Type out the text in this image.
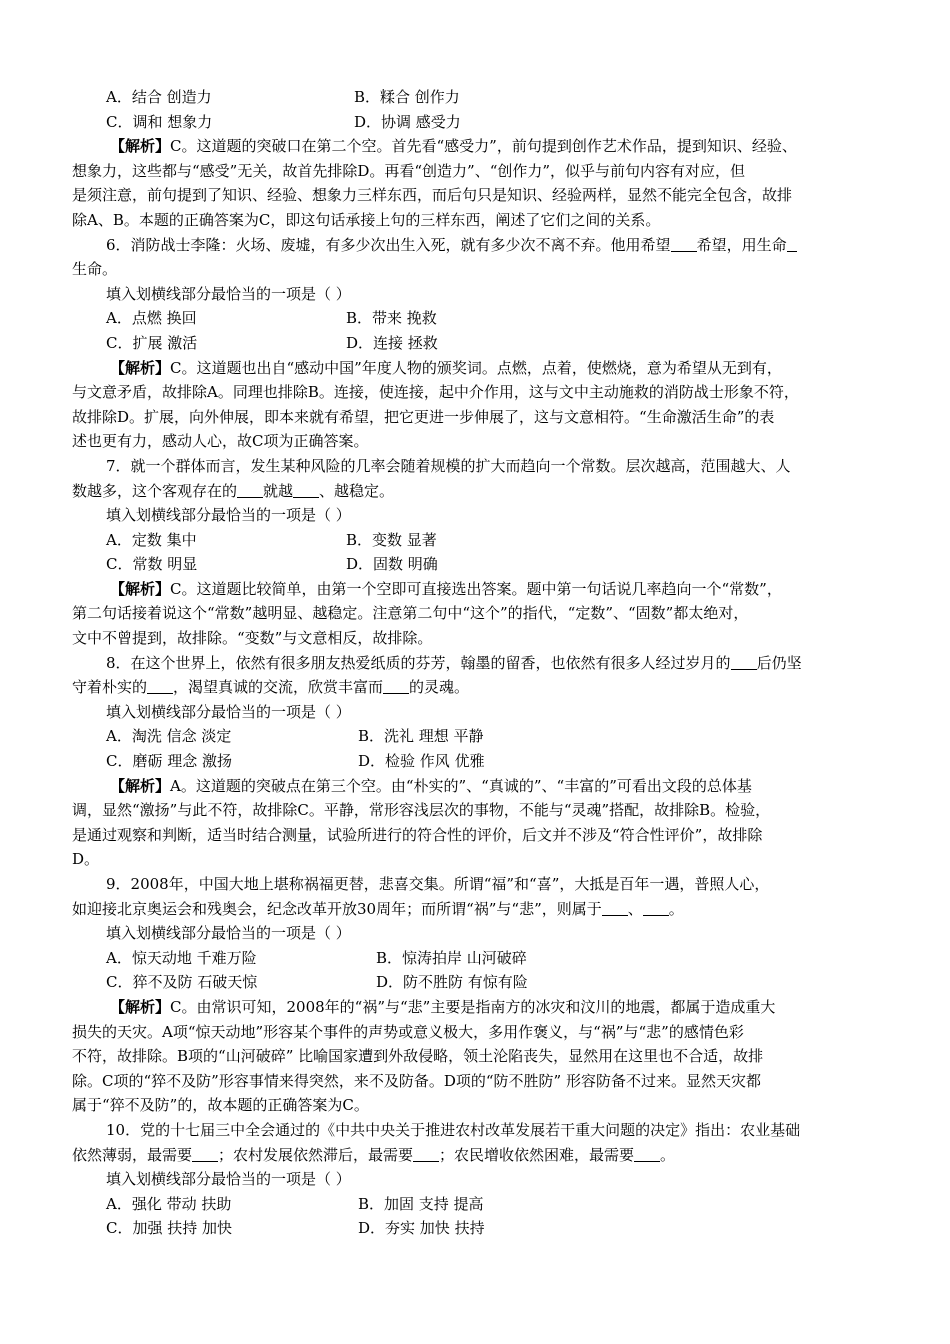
A．结合 创造力	B．糅合 创作力
C．调和 想象力	D．协调 感受力
【解析】C。这道题的突破口在第二个空。首先看“感受力”，前句提到创作艺术作品，提到知识、经验、
想象力，这些都与“感受”无关，故首先排除D。再看“创造力”、“创作力”，似乎与前句内容有对应，但
是须注意，前句提到了知识、经验、想象力三样东西，而后句只是知识、经验两样，显然不能完全包含，故排
除A、B。本题的正确答案为C，即这句话承接上句的三样东西，阐述了它们之间的关系。
6．消防战士李隆：火场、废墟，有多少次出生入死，就有多少次不离不弃。他用希望 希望，用生命
生命。
填入划横线部分最恰当的一项是（ ）
A．点燃 换回	B．带来 挽救
C．扩展 激活	D．连接 拯救
【解析】C。这道题也出自“感动中国”年度人物的颁奖词。点燃，点着，使燃烧，意为希望从无到有，
与文意矛盾，故排除A。同理也排除B。连接，使连接，起中介作用，这与文中主动施救的消防战士形象不符，
故排除D。扩展，向外伸展，即本来就有希望，把它更进一步伸展了，这与文意相符。“生命激活生命”的表
述也更有力，感动人心，故C项为正确答案。
7．就一个群体而言，发生某种风险的几率会随着规模的扩大而趋向一个常数。层次越高，范围越大、人
数越多，这个客观存在的 就越 、越稳定。
填入划横线部分最恰当的一项是（ ）
A．定数 集中	B．变数 显著
C．常数 明显	D．固数 明确
【解析】C。这道题比较简单，由第一个空即可直接选出答案。题中第一句话说几率趋向一个“常数”，
第二句话接着说这个“常数”越明显、越稳定。注意第二句中“这个”的指代，“定数”、“固数”都太绝对，
文中不曾提到，故排除。“变数”与文意相反，故排除。
8．在这个世界上，依然有很多朋友热爱纸质的芬芳，翰墨的留香，也依然有很多人经过岁月的 后仍坚
守着朴实的 ，渴望真诚的交流，欣赏丰富而 的灵魂。
填入划横线部分最恰当的一项是（ ）
A．淘洗 信念 淡定	B．洗礼 理想 平静
C．磨砺 理念 激扬	D．检验 作风 优雅
【解析】A。这道题的突破点在第三个空。由“朴实的”、“真诚的”、“丰富的”可看出文段的总体基
调，显然“激扬”与此不符，故排除C。平静，常形容浅层次的事物，不能与“灵魂”搭配，故排除B。检验，
是通过观察和判断，适当时结合测量，试验所进行的符合性的评价，后文并不涉及“符合性评价”，故排除
D。
9．2008年，中国大地上堪称祸福更替，悲喜交集。所谓“福”和“喜”，大抵是百年一遇，普照人心，
如迎接北京奥运会和残奥会，纪念改革开放30周年；而所谓“祸”与“悲”，则属于 、 。
填入划横线部分最恰当的一项是（ ）
A．惊天动地 千难万险	B．惊涛拍岸 山河破碎
C．猝不及防 石破天惊	D．防不胜防 有惊有险
【解析】C。由常识可知，2008年的“祸”与“悲”主要是指南方的冰灾和汶川的地震，都属于造成重大
损失的天灾。A项“惊天动地”形容某个事件的声势或意义极大，多用作褒义，与“祸”与“悲”的感情色彩
不符，故排除。B项的“山河破碎” 比喻国家遭到外敌侵略，领土沦陷丧失，显然用在这里也不合适，故排
除。C项的“猝不及防”形容事情来得突然，来不及防备。D项的“防不胜防” 形容防备不过来。显然天灾都
属于“猝不及防”的，故本题的正确答案为C。
10．党的十七届三中全会通过的《中共中央关于推进农村改革发展若干重大问题的决定》指出：农业基础
依然薄弱，最需要 ；农村发展依然滞后，最需要 ；农民增收依然困难，最需要 。
填入划横线部分最恰当的一项是（ ）
A．强化 带动 扶助	B．加固 支持 提高
C．加强 扶持 加快	D．夯实 加快 扶持
